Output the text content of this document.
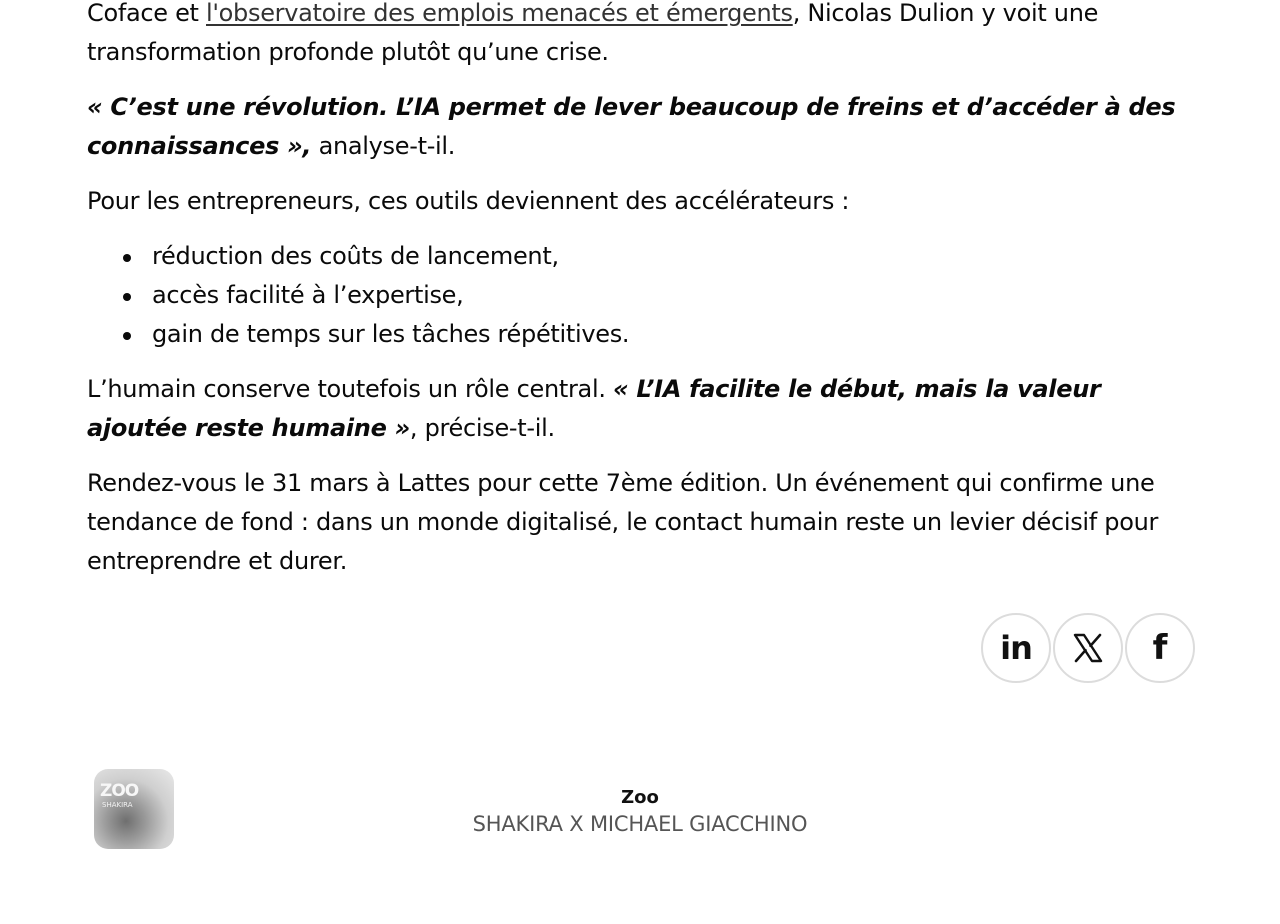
Coface et l'observatoire des emplois menacés et émergents, Nicolas Dulion y voit une transformation profonde plutôt qu’une crise.

« C’est une révolution. L’IA permet de lever beaucoup de freins et d’accéder à des connaissances », analyse-t-il.

Pour les entrepreneurs, ces outils deviennent des accélérateurs :

réduction des coûts de lancement,
accès facilité à l’expertise,
gain de temps sur les tâches répétitives.

L’humain conserve toutefois un rôle central. « L’IA facilite le début, mais la valeur ajoutée reste humaine », précise-t-il.

Rendez-vous le 31 mars à Lattes pour cette 7ème édition. Un événement qui confirme une tendance de fond : dans un monde digitalisé, le contact humain reste un levier décisif pour entreprendre et durer.

in	f
ZOO
SHAKIRA	Zoo
SHAKIRA X MICHAEL GIACCHINO
